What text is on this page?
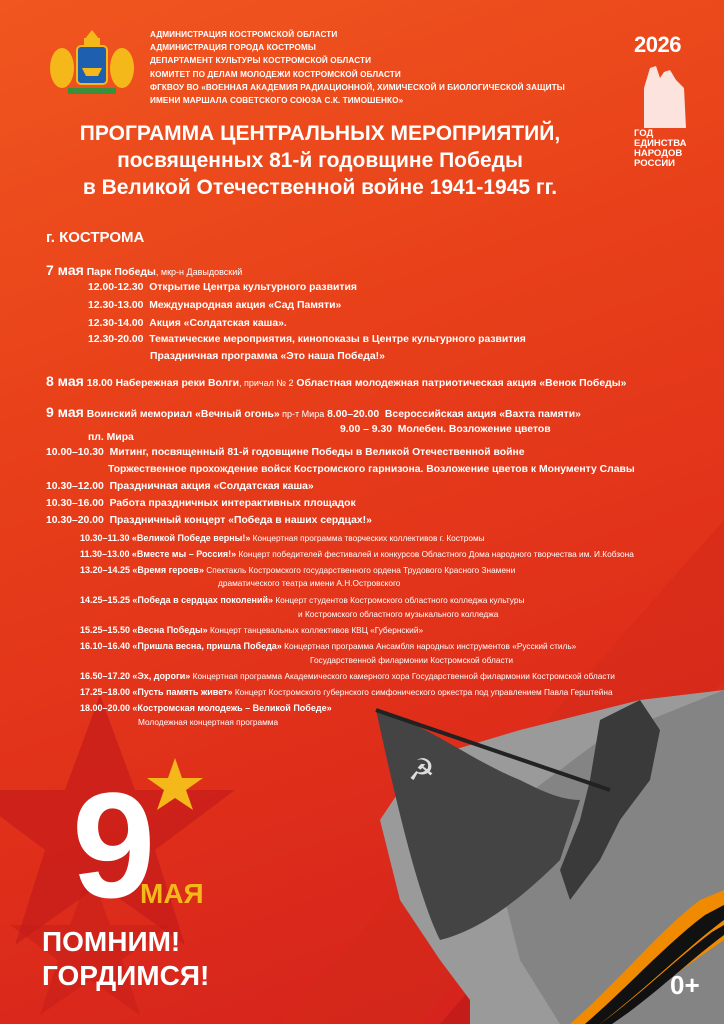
☭
АДМИНИСТРАЦИЯ КОСТРОМСКОЙ ОБЛАСТИ
АДМИНИСТРАЦИЯ ГОРОДА КОСТРОМЫ
ДЕПАРТАМЕНТ КУЛЬТУРЫ КОСТРОМСКОЙ ОБЛАСТИ
КОМИТЕТ ПО ДЕЛАМ МОЛОДЕЖИ КОСТРОМСКОЙ ОБЛАСТИ
ФГКВОУ ВО «ВОЕННАЯ АКАДЕМИЯ РАДИАЦИОННОЙ, ХИМИЧЕСКОЙ И БИОЛОГИЧЕСКОЙ ЗАЩИТЫ
ИМЕНИ МАРШАЛА СОВЕТСКОГО СОЮЗА С.К. ТИМОШЕНКО»
2026
ГОД
ЕДИНСТВА
НАРОДОВ
РОССИИ
ПРОГРАММА ЦЕНТРАЛЬНЫХ МЕРОПРИЯТИЙ,
посвященных 81-й годовщине Победы
в Великой Отечественной войне 1941-1945 гг.
г. КОСТРОМА
7 мая Парк Победы, мкр-н Давыдовский
12.00-12.30 Открытие Центра культурного развития
12.30-13.00 Международная акция «Сад Памяти»
12.30-14.00 Акция «Солдатская каша».
12.30-20.00 Тематические мероприятия, кинопоказы в Центре культурного развития
Праздничная программа «Это наша Победа!»
8 мая 18.00 Набережная реки Волги, причал № 2 Областная молодежная патриотическая акция «Венок Победы»
9 мая Воинский мемориал «Вечный огонь» пр-т Мира 8.00–20.00 Всероссийская акция «Вахта памяти»
9.00 – 9.30 Молебен. Возложение цветов
пл. Мира
10.00–10.30 Митинг, посвященный 81-й годовщине Победы в Великой Отечественной войне
Торжественное прохождение войск Костромского гарнизона. Возложение цветов к Монументу Славы
10.30–12.00 Праздничная акция «Солдатская каша»
10.30–16.00 Работа праздничных интерактивных площадок
10.30–20.00 Праздничный концерт «Победа в наших сердцах!»
10.30–11.30 «Великой Победе верны!» Концертная программа творческих коллективов г. Костромы
11.30–13.00 «Вместе мы – Россия!» Концерт победителей фестивалей и конкурсов Областного Дома народного творчества им. И.Кобзона
13.20–14.25 «Время героев» Спектакль Костромского государственного ордена Трудового Красного Знамени
драматического театра имени А.Н.Островского
14.25–15.25 «Победа в сердцах поколений» Концерт студентов Костромского областного колледжа культуры
и Костромского областного музыкального колледжа
15.25–15.50 «Весна Победы» Концерт танцевальных коллективов КВЦ «Губернский»
16.10–16.40 «Пришла весна, пришла Победа» Концертная программа Ансамбля народных инструментов «Русский стиль»
Государственной филармонии Костромской области
16.50–17.20 «Эх, дороги» Концертная программа Академического камерного хора Государственной филармонии Костромской области
17.25–18.00 «Пусть память живет» Концерт Костромского губернского симфонического оркестра под управлением Павла Герштейна
18.00–20.00 «Костромская молодежь – Великой Победе»
Молодежная концертная программа
9
МАЯ
ПОМНИМ!
ГОРДИМСЯ!	0+
